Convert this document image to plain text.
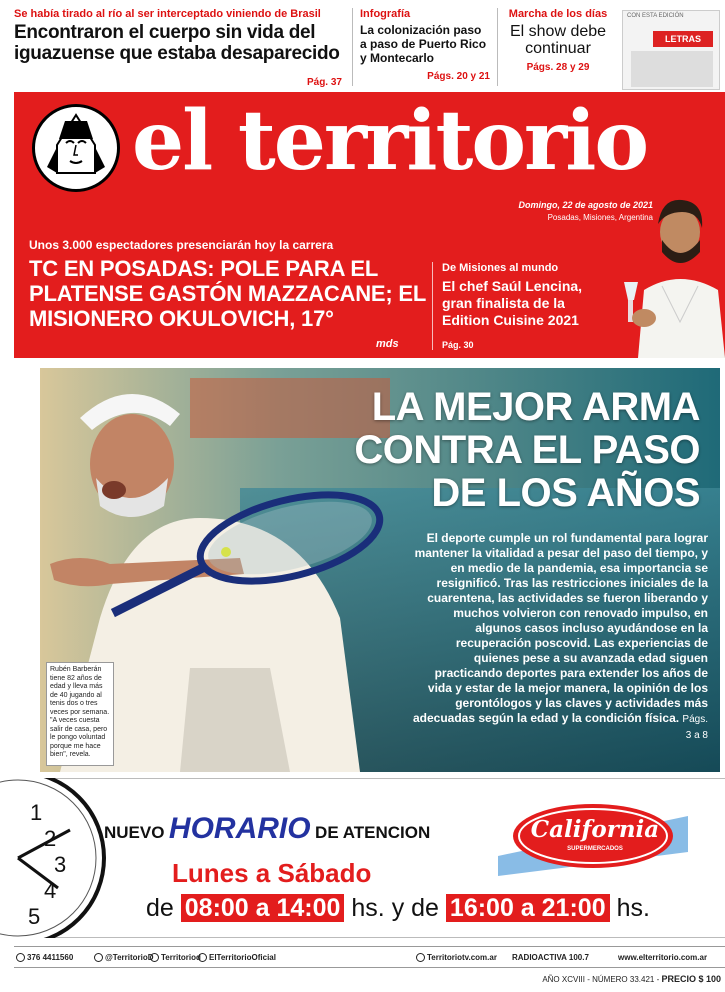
Se había tirado al río al ser interceptado viniendo de Brasil
Encontraron el cuerpo sin vida del iguazuense que estaba desaparecido
Pág. 37
Infografía
La colonización paso a paso de Puerto Rico y Montecarlo
Págs. 20 y 21
Marcha de los días
El show debe continuar
Págs. 28 y 29
CON ESTA EDICIÓN
LETRAS
el territorio
Domingo, 22 de agosto de 2021
Posadas, Misiones, Argentina
Unos 3.000 espectadores presenciarán hoy la carrera
TC EN POSADAS: POLE PARA EL PLATENSE GASTÓN MAZZACANE; EL MISIONERO OKULOVICH, 17°
mds
De Misiones al mundo
El chef Saúl Lencina, gran finalista de la Edition Cuisine 2021
Pág. 30
LA MEJOR ARMA CONTRA EL PASO DE LOS AÑOS
El deporte cumple un rol fundamental para lograr mantener la vitalidad a pesar del paso del tiempo, y en medio de la pandemia, esa importancia se resignificó. Tras las restricciones iniciales de la cuarentena, las actividades se fueron liberando y muchos volvieron con renovado impulso, en algunos casos incluso ayudándose en la recuperación poscovid. Las experiencias de quienes pese a su avanzada edad siguen practicando deportes para extender los años de vida y estar de la mejor manera, la opinión de los gerontólogos y las claves y actividades más adecuadas según la edad y la condición física. Págs. 3 a 8
Rubén Barberán tiene 82 años de edad y lleva más de 40 jugando al tenis dos o tres veces por semana. "A veces cuesta salir de casa, pero le pongo voluntad porque me hace bien", revela.
1
2
3
4
5
NUEVO HORARIO DE ATENCION
Lunes a Sábado
de 08:00 a 14:00 hs. y de 16:00 a 21:00 hs.
California
SUPERMERCADOS
376 4411560	@TerritorioD Territoriod	ElTerritorioOficial	Territoriotv.com.ar RADIOACTIVA 100.7	www.elterritorio.com.ar
AÑO XCVIII - NÚMERO 33.421 - PRECIO $ 100
